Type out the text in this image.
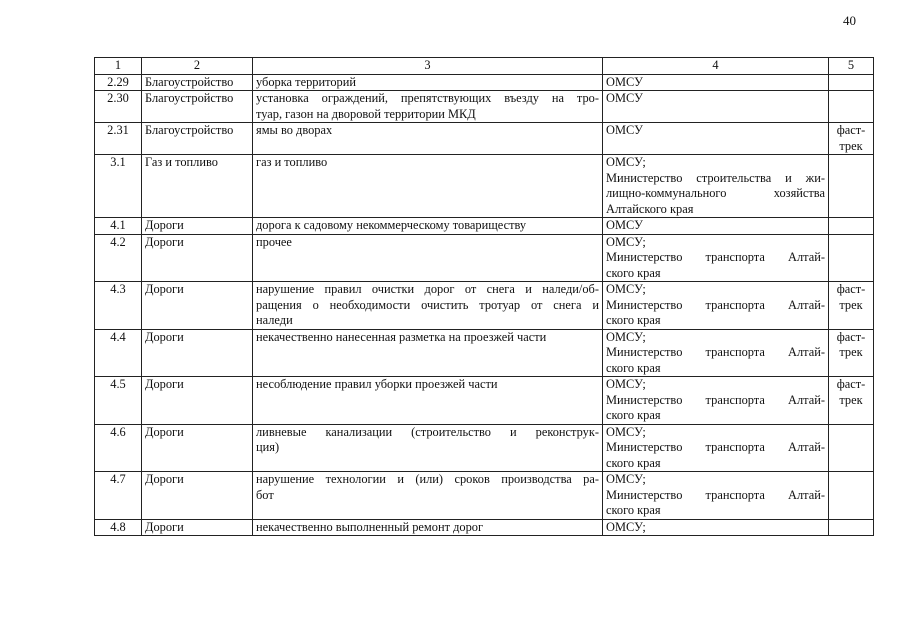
40
1	2	3	4	5
2.29	Благоустройство	уборка территорий	ОМСУ	

2.30	Благоустройство	установка ограждений, препятствующих въезду на тро-
туар, газон на дворовой территории МКД	ОМСУ	

2.31	Благоустройство	ямы во дворах	ОМСУ	фаст-
трек

3.1	Газ и топливо	газ и топливо	ОМСУ;
Министерство строительства и жи-
лищно-коммунального хозяйства
Алтайского края	

4.1	Дороги	дорога к садовому некоммерческому товариществу	ОМСУ	

4.2	Дороги	прочее	ОМСУ;
Министерство транспорта Алтай-
ского края	

4.3	Дороги	нарушение правил очистки дорог от снега и наледи/об-
ращения о необходимости очистить тротуар от снега и
наледи	ОМСУ;
Министерство транспорта Алтай-
ского края	фаст-
трек

4.4	Дороги	некачественно нанесенная разметка на проезжей части	ОМСУ;
Министерство транспорта Алтай-
ского края	фаст-
трек

4.5	Дороги	несоблюдение правил уборки проезжей части	ОМСУ;
Министерство транспорта Алтай-
ского края	фаст-
трек

4.6	Дороги	ливневые канализации (строительство и реконструк-
ция)	ОМСУ;
Министерство транспорта Алтай-
ского края	

4.7	Дороги	нарушение технологии и (или) сроков производства ра-
бот	ОМСУ;
Министерство транспорта Алтай-
ского края	

4.8	Дороги	некачественно выполненный ремонт дорог	ОМСУ;	
